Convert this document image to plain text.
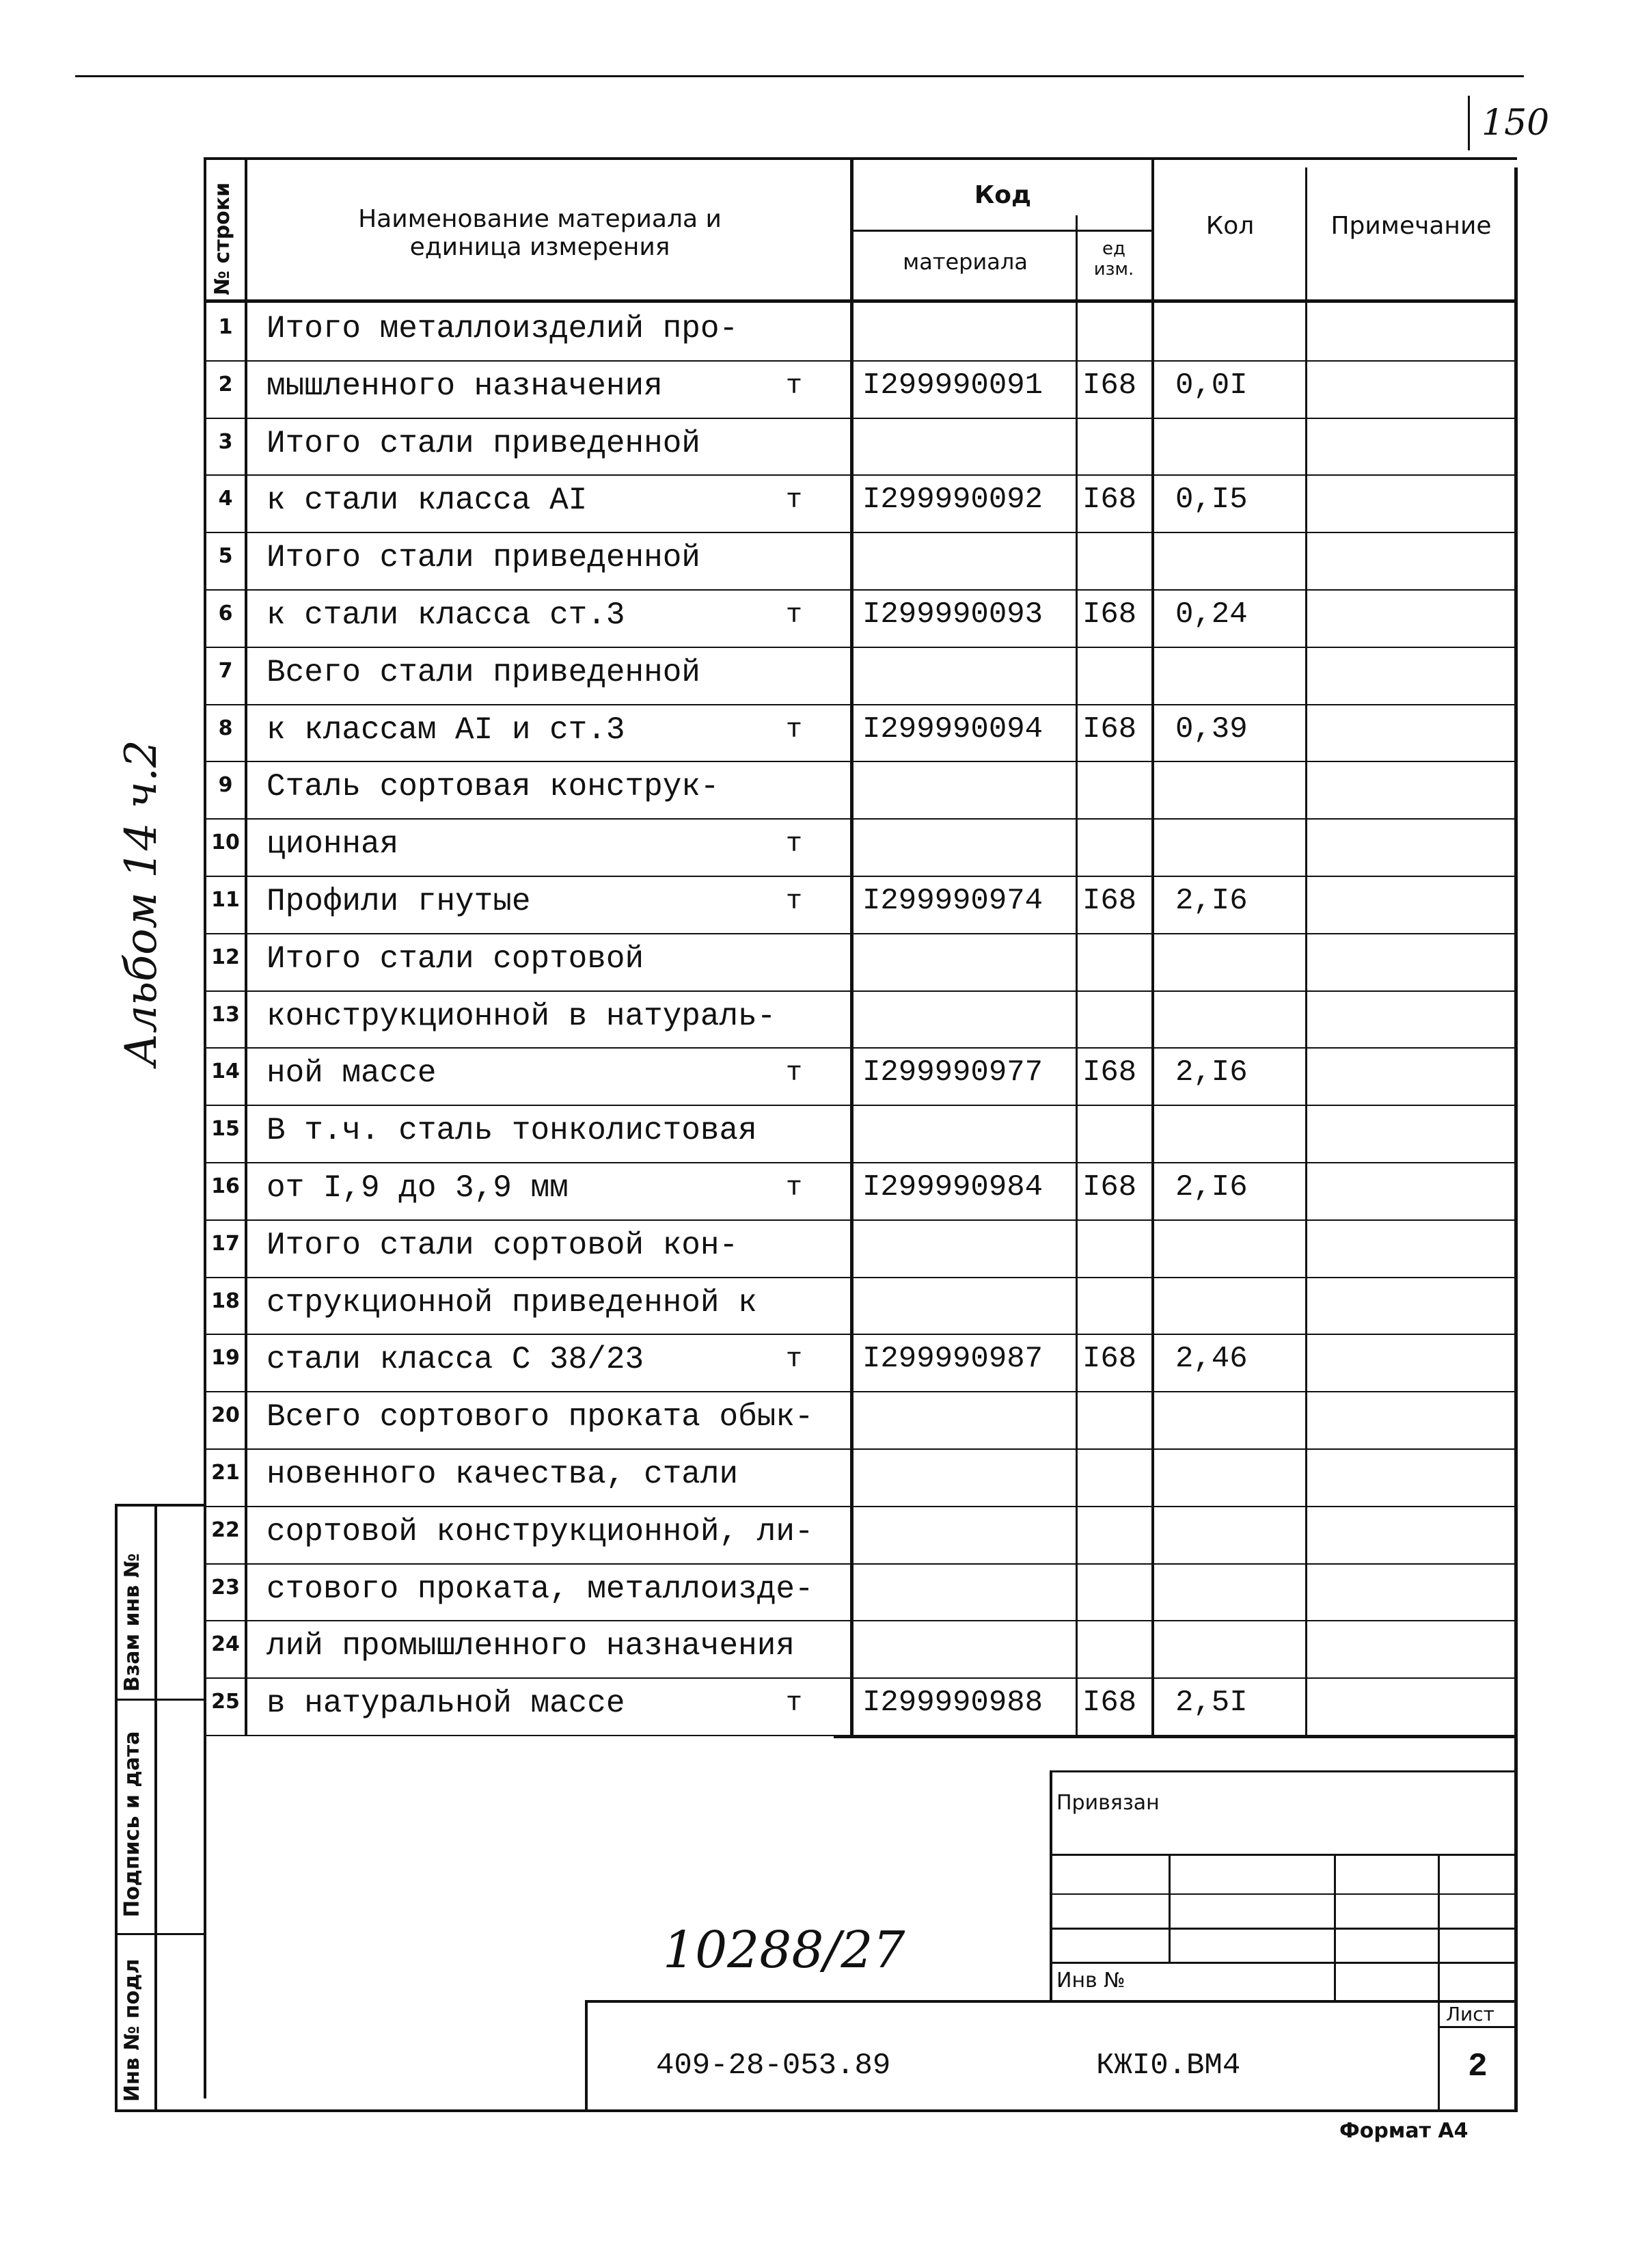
150
№ строки	Наименование материала и единица измерения
Код
материала	ед изм.
Кол	Примечание
1	Итого металлоизделий про-
2	мышленного назначения	т I299990091 I68 0,0I
3	Итого стали приведенной
4	к стали класса AI	т I299990092 I68 0,I5
5	Итого стали приведенной
6	к стали класса ст.3	т I299990093 I68 0,24
7	Всего стали приведенной
8	к классам AI и ст.3	т I299990094 I68 0,39
9	Сталь сортовая конструк-
10 ционная	т
11 Профили гнутые	т I299990974 I68 2,I6
12 Итого стали сортовой
13 конструкционной в натураль-
14 ной массе	т I299990977 I68 2,I6
15 В т.ч. сталь тонколистовая
16 от I,9 до 3,9 мм	т I299990984 I68 2,I6
17 Итого стали сортовой кон-
18 струкционной приведенной к
19 стали класса С 38/23	т I299990987 I68 2,46
20 Всего сортового проката обык-
21 новенного качества, стали
22 сортовой конструкционной, ли-
23 стового проката, металлоизде-
24 лий промышленного назначения
25 в натуральной массе	т I299990988 I68 2,5I
Взам инв №
Подпись и дата
Инв № подл
Альбом 14 ч.2
Привязан
Инв №
10288/27
409-28-053.89	КЖI0.ВМ4
Лист
2
Формат А4
